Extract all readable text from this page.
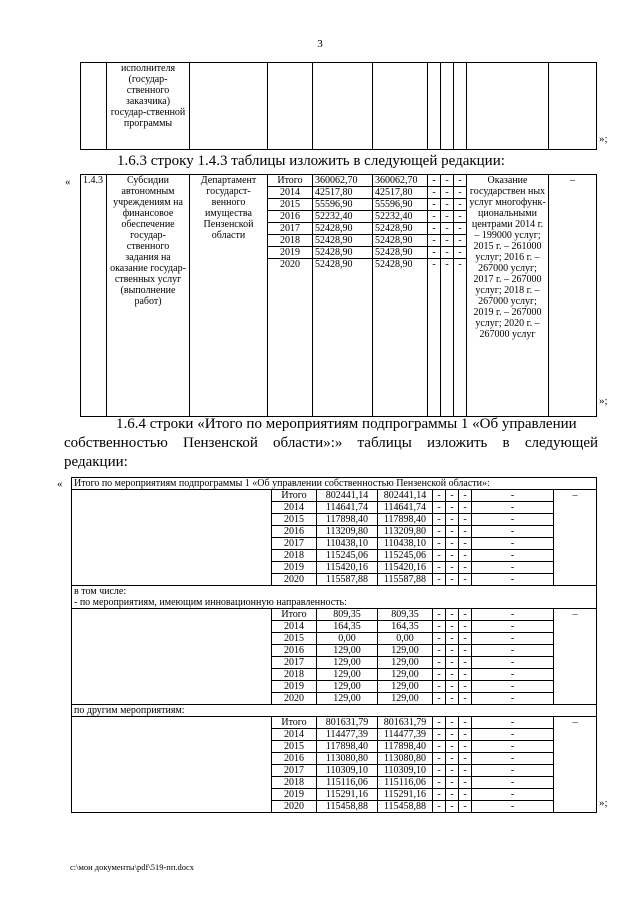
3
	исполнителя (государ-ственного заказчика) государ-ственной программы									
»;
1.6.3 строку 1.4.3 таблицы изложить в следующей редакции:
« 1.4.3	Субсидии автономным учреждениям на финансовое обеспечение государ-ственного задания на оказание государ-ственных услуг (выполнение работ)	Департамент государст-венного имущества Пензенской области	Итого	360062,70	360062,70	-	-	-	Оказание государствен ных услуг многофунк-циональными центрами 2014 г. – 199000 услуг; 2015 г. – 261000 услуг; 2016 г. – 267000 услуг; 2017 г. – 267000 услуг; 2018 г. – 267000 услуг; 2019 г. – 267000 услуг; 2020 г. – 267000 услуг	–
			2014	42517,80	42517,80	-	-	-		
			2015	55596,90	55596,90	-	-	-		
			2016	52232,40	52232,40	-	-	-		
			2017	52428,90	52428,90	-	-	-		
			2018	52428,90	52428,90	-	-	-		
			2019	52428,90	52428,90	-	-	-		
			2020	52428,90	52428,90	-	-	-		
»;
1.6.4 строки «Итого по мероприятиям подпрограммы 1 «Об управлении
собственностью Пензенской области»:» таблицы изложить в следующей
редакции:
« Итого по мероприятиям подпрограммы 1 «Об управлении собственностью Пензенской области»:								
	Итого	802441,14	802441,14	-	-	-	-	–
	2014	114641,74	114641,74	-	-	-	-	
	2015	117898,40	117898,40	-	-	-	-	
	2016	113209,80	113209,80	-	-	-	-	
	2017	110438,10	110438,10	-	-	-	-	
	2018	115245,06	115245,06	-	-	-	-	
	2019	115420,16	115420,16	-	-	-	-	
	2020	115587,88	115587,88	-	-	-	-	

в том числе:
- по мероприятиям, имеющим инновационную направленность:								

	Итого	809,35	809,35	-	-	-	-	–
	2014	164,35	164,35	-	-	-	-	
	2015	0,00	0,00	-	-	-	-	
	2016	129,00	129,00	-	-	-	-	
	2017	129,00	129,00	-	-	-	-	
	2018	129,00	129,00	-	-	-	-	
	2019	129,00	129,00	-	-	-	-	
	2020	129,00	129,00	-	-	-	-	
по другим мероприятиям:								
	Итого	801631,79	801631,79	-	-	-	-	–
	2014	114477,39	114477,39	-	-	-	-	
	2015	117898,40	117898,40	-	-	-	-	
	2016	113080,80	113080,80	-	-	-	-	
	2017	110309,10	110309,10	-	-	-	-	
	2018	115116,06	115116,06	-	-	-	-	
	2019	115291,16	115291,16	-	-	-	-	
	2020	115458,88	115458,88	-	-	-	-		»;
c:\мои документы\pdf\519-пп.docx
